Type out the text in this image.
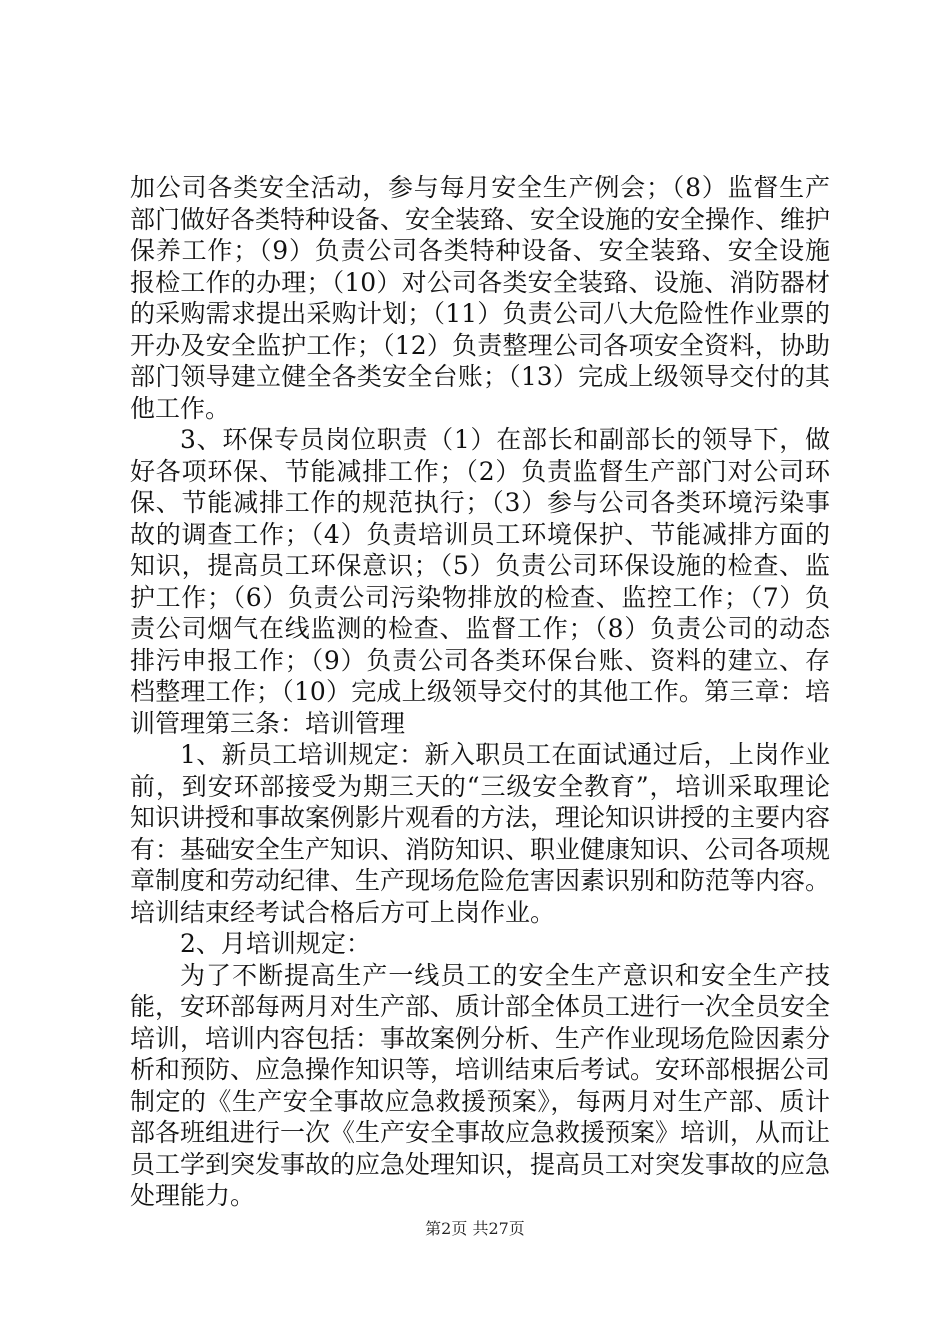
加公司各类安全活动，参与每月安全生产例会；（8）监督生产部门做好各类特种设备、安全装臵、安全设施的安全操作、维护保养工作；（9）负责公司各类特种设备、安全装臵、安全设施报检工作的办理；（10）对公司各类安全装臵、设施、消防器材的采购需求提出采购计划；（11）负责公司八大危险性作业票的开办及安全监护工作；（12）负责整理公司各项安全资料，协助部门领导建立健全各类安全台账；（13）完成上级领导交付的其他工作。

3、环保专员岗位职责（1）在部长和副部长的领导下，做好各项环保、节能减排工作；（2）负责监督生产部门对公司环保、节能减排工作的规范执行；（3）参与公司各类环境污染事故的调查工作；（4）负责培训员工环境保护、节能减排方面的知识，提高员工环保意识；（5）负责公司环保设施的检查、监护工作；（6）负责公司污染物排放的检查、监控工作；（7）负责公司烟气在线监测的检查、监督工作；（8）负责公司的动态排污申报工作；（9）负责公司各类环保台账、资料的建立、存档整理工作；（10）完成上级领导交付的其他工作。第三章：培训管理第三条：培训管理

1、新员工培训规定：新入职员工在面试通过后，上岗作业前，到安环部接受为期三天的“三级安全教育”，培训采取理论知识讲授和事故案例影片观看的方法，理论知识讲授的主要内容有：基础安全生产知识、消防知识、职业健康知识、公司各项规章制度和劳动纪律、生产现场危险危害因素识别和防范等内容。培训结束经考试合格后方可上岗作业。

2、月培训规定：

为了不断提高生产一线员工的安全生产意识和安全生产技能，安环部每两月对生产部、质计部全体员工进行一次全员安全培训，培训内容包括：事故案例分析、生产作业现场危险因素分析和预防、应急操作知识等，培训结束后考试。安环部根据公司制定的《生产安全事故应急救援预案》，每两月对生产部、质计部各班组进行一次《生产安全事故应急救援预案》培训，从而让员工学到突发事故的应急处理知识，提高员工对突发事故的应急处理能力。

第2页 共27页
